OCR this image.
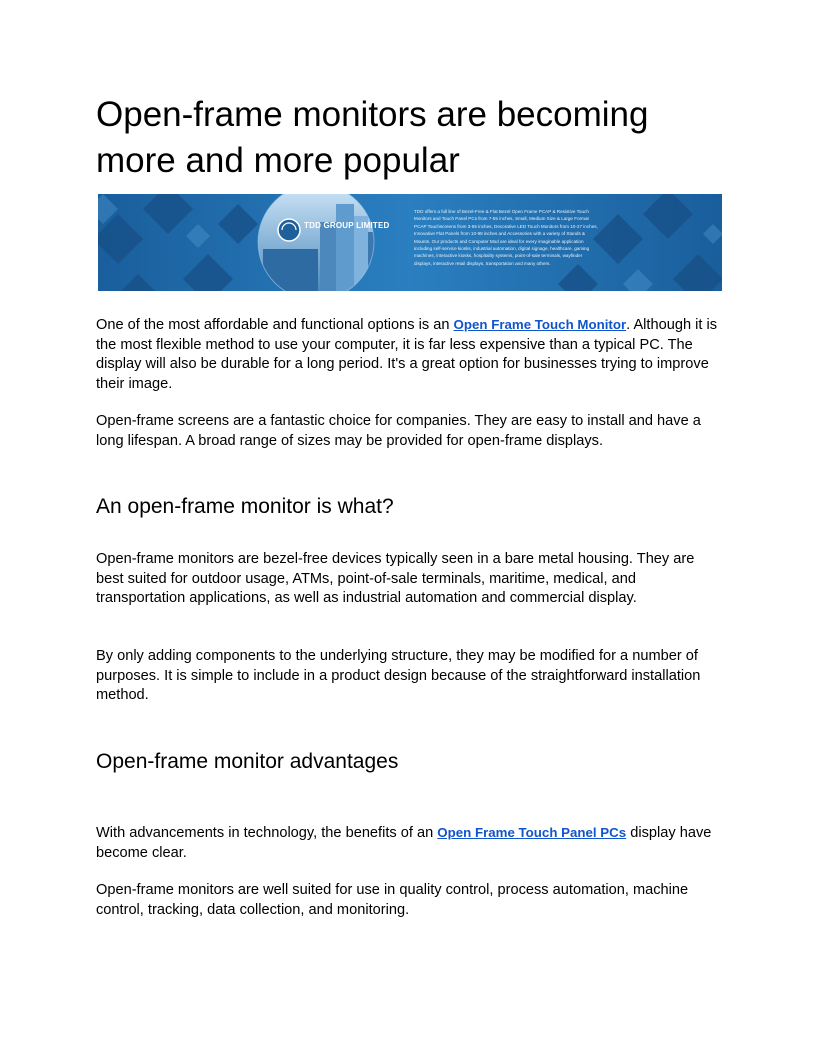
Open-frame monitors are becoming more and more popular
TDD GROUP LIMITED
TDD offers a full line of Bezel-Free & Flat Bezel Open Frame PCAP & Resistive Touch Monitors and Touch Panel PCs from 7-55 inches, Small, Medium Size & Large Format PCAP Touchscreens from 3-65 inches, Decorative LED Touch Monitors from 10-27 inches, Innovative Flat Panels from 10-98 inches and Accessories with a variety of Stands & Mounts. Our products and Computer Mod are ideal for every imaginable application including self-service kiosks, industrial automation, digital signage, healthcare, gaming machines, interactive kiosks, hospitality systems, point-of-sale terminals, wayfinder displays, interactive retail displays, transportation and many others.

One of the most affordable and functional options is an Open Frame Touch Monitor. Although it is the most flexible method to use your computer, it is far less expensive than a typical PC. The display will also be durable for a long period. It's a great option for businesses trying to improve their image.

Open-frame screens are a fantastic choice for companies. They are easy to install and have a long lifespan. A broad range of sizes may be provided for open-frame displays.

An open-frame monitor is what?

Open-frame monitors are bezel-free devices typically seen in a bare metal housing. They are best suited for outdoor usage, ATMs, point-of-sale terminals, maritime, medical, and transportation applications, as well as industrial automation and commercial display.

By only adding components to the underlying structure, they may be modified for a number of purposes. It is simple to include in a product design because of the straightforward installation method.

Open-frame monitor advantages

With advancements in technology, the benefits of an Open Frame Touch Panel PCs display have become clear.

Open-frame monitors are well suited for use in quality control, process automation, machine control, tracking, data collection, and monitoring.
